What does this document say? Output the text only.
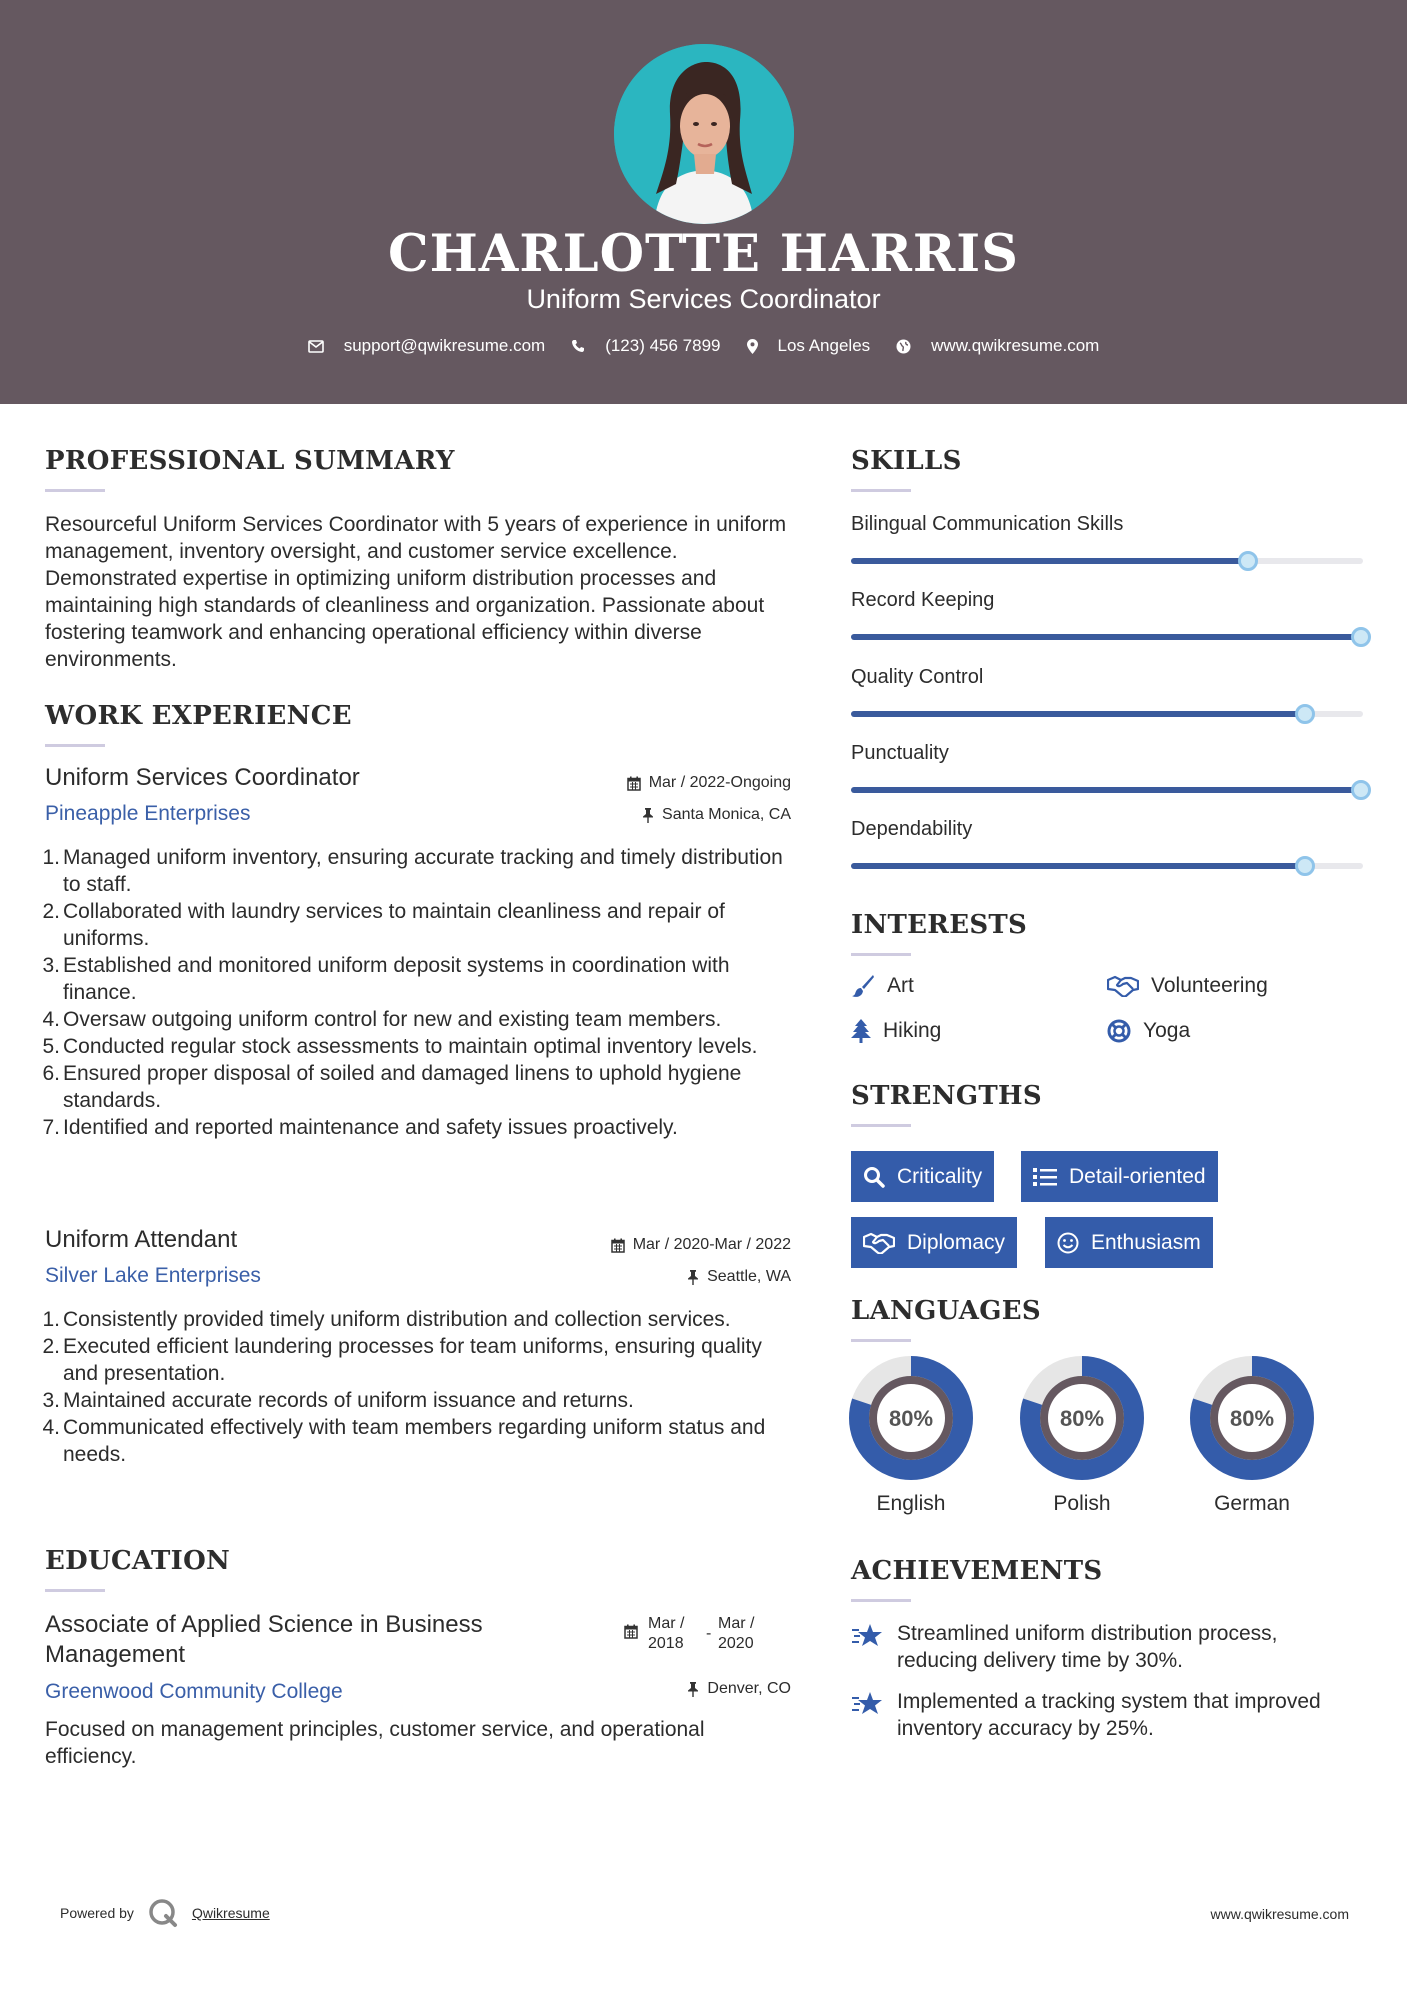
CHARLOTTE HARRIS
Uniform Services Coordinator
support@qwikresume.com	(123) 456 7899	Los Angeles	www.qwikresume.com
PROFESSIONAL SUMMARY
Resourceful Uniform Services Coordinator with 5 years of experience in uniform management, inventory oversight, and customer service excellence. Demonstrated expertise in optimizing uniform distribution processes and maintaining high standards of cleanliness and organization. Passionate about fostering teamwork and enhancing operational efficiency within diverse environments.
WORK EXPERIENCE
Uniform Services Coordinator	Mar / 2022-Ongoing
Pineapple Enterprises	Santa Monica, CA
1. Managed uniform inventory, ensuring accurate tracking and timely distribution to staff.
2. Collaborated with laundry services to maintain cleanliness and repair of uniforms.
3. Established and monitored uniform deposit systems in coordination with finance.
4. Oversaw outgoing uniform control for new and existing team members.
5. Conducted regular stock assessments to maintain optimal inventory levels.
6. Ensured proper disposal of soiled and damaged linens to uphold hygiene standards.
7. Identified and reported maintenance and safety issues proactively.
Uniform Attendant	Mar / 2020-Mar / 2022
Silver Lake Enterprises	Seattle, WA
1. Consistently provided timely uniform distribution and collection services.
2. Executed efficient laundering processes for team uniforms, ensuring quality and presentation.
3. Maintained accurate records of uniform issuance and returns.
4. Communicated effectively with team members regarding uniform status and needs.
EDUCATION
Associate of Applied Science in Business Management
Mar / 2018
-
Mar / 2020
Greenwood Community College	Denver, CO
Focused on management principles, customer service, and operational efficiency.
SKILLS
Bilingual Communication Skills
Record Keeping
Quality Control
Punctuality
Dependability
INTERESTS
Art	Volunteering
Hiking	Yoga
STRENGTHS
Criticality	Detail-oriented
Diplomacy	Enthusiasm
LANGUAGES
80%
English
80%
Polish
80%
German
ACHIEVEMENTS
Streamlined uniform distribution process, reducing delivery time by 30%.
Implemented a tracking system that improved inventory accuracy by 25%.
Powered by	Qwikresume	www.qwikresume.com
